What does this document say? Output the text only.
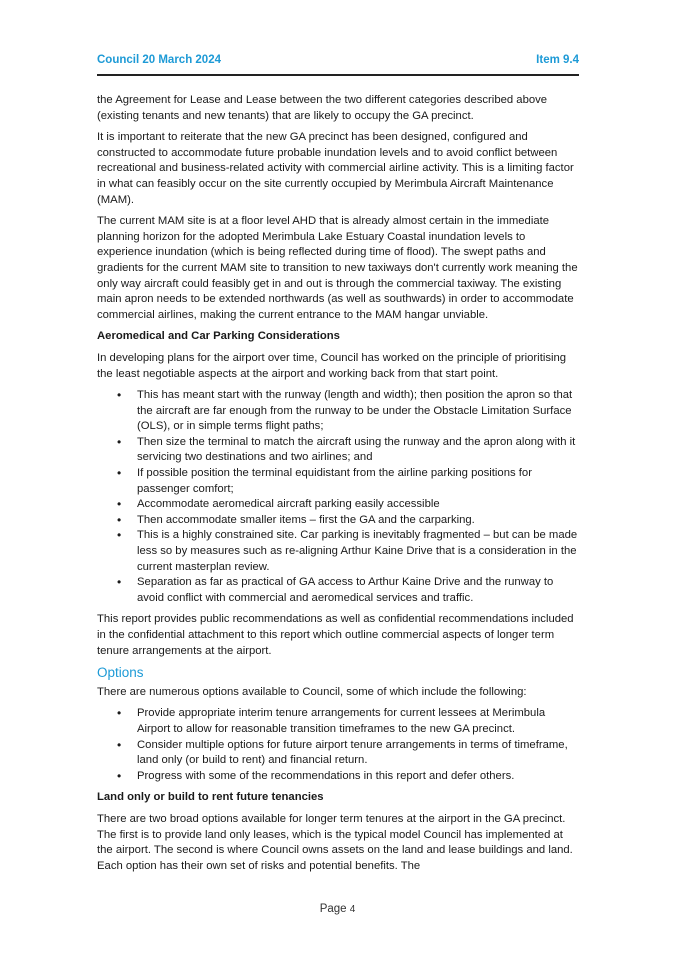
Council 20 March 2024	Item 9.4

the Agreement for Lease and Lease between the two different categories described above (existing tenants and new tenants) that are likely to occupy the GA precinct.

It is important to reiterate that the new GA precinct has been designed, configured and constructed to accommodate future probable inundation levels and to avoid conflict between recreational and business-related activity with commercial airline activity. This is a limiting factor in what can feasibly occur on the site currently occupied by Merimbula Aircraft Maintenance (MAM).

The current MAM site is at a floor level AHD that is already almost certain in the immediate planning horizon for the adopted Merimbula Lake Estuary Coastal inundation levels to experience inundation (which is being reflected during time of flood). The swept paths and gradients for the current MAM site to transition to new taxiways don't currently work meaning the only way aircraft could feasibly get in and out is through the commercial taxiway. The existing main apron needs to be extended northwards (as well as southwards) in order to accommodate commercial airlines, making the current entrance to the MAM hangar unviable.

Aeromedical and Car Parking Considerations

In developing plans for the airport over time, Council has worked on the principle of prioritising the least negotiable aspects at the airport and working back from that start point.

• This has meant start with the runway (length and width); then position the apron so that the aircraft are far enough from the runway to be under the Obstacle Limitation Surface (OLS), or in simple terms flight paths;
• Then size the terminal to match the aircraft using the runway and the apron along with it servicing two destinations and two airlines; and
• If possible position the terminal equidistant from the airline parking positions for passenger comfort;
• Accommodate aeromedical aircraft parking easily accessible
• Then accommodate smaller items – first the GA and the carparking.
• This is a highly constrained site. Car parking is inevitably fragmented – but can be made less so by measures such as re-aligning Arthur Kaine Drive that is a consideration in the current masterplan review.
• Separation as far as practical of GA access to Arthur Kaine Drive and the runway to avoid conflict with commercial and aeromedical services and traffic.

This report provides public recommendations as well as confidential recommendations included in the confidential attachment to this report which outline commercial aspects of longer term tenure arrangements at the airport.

Options

There are numerous options available to Council, some of which include the following:

• Provide appropriate interim tenure arrangements for current lessees at Merimbula Airport to allow for reasonable transition timeframes to the new GA precinct.
• Consider multiple options for future airport tenure arrangements in terms of timeframe, land only (or build to rent) and financial return.
• Progress with some of the recommendations in this report and defer others.
Land only or build to rent future tenancies

There are two broad options available for longer term tenures at the airport in the GA precinct. The first is to provide land only leases, which is the typical model Council has implemented at the airport. The second is where Council owns assets on the land and lease buildings and land. Each option has their own set of risks and potential benefits. The

Page 4
